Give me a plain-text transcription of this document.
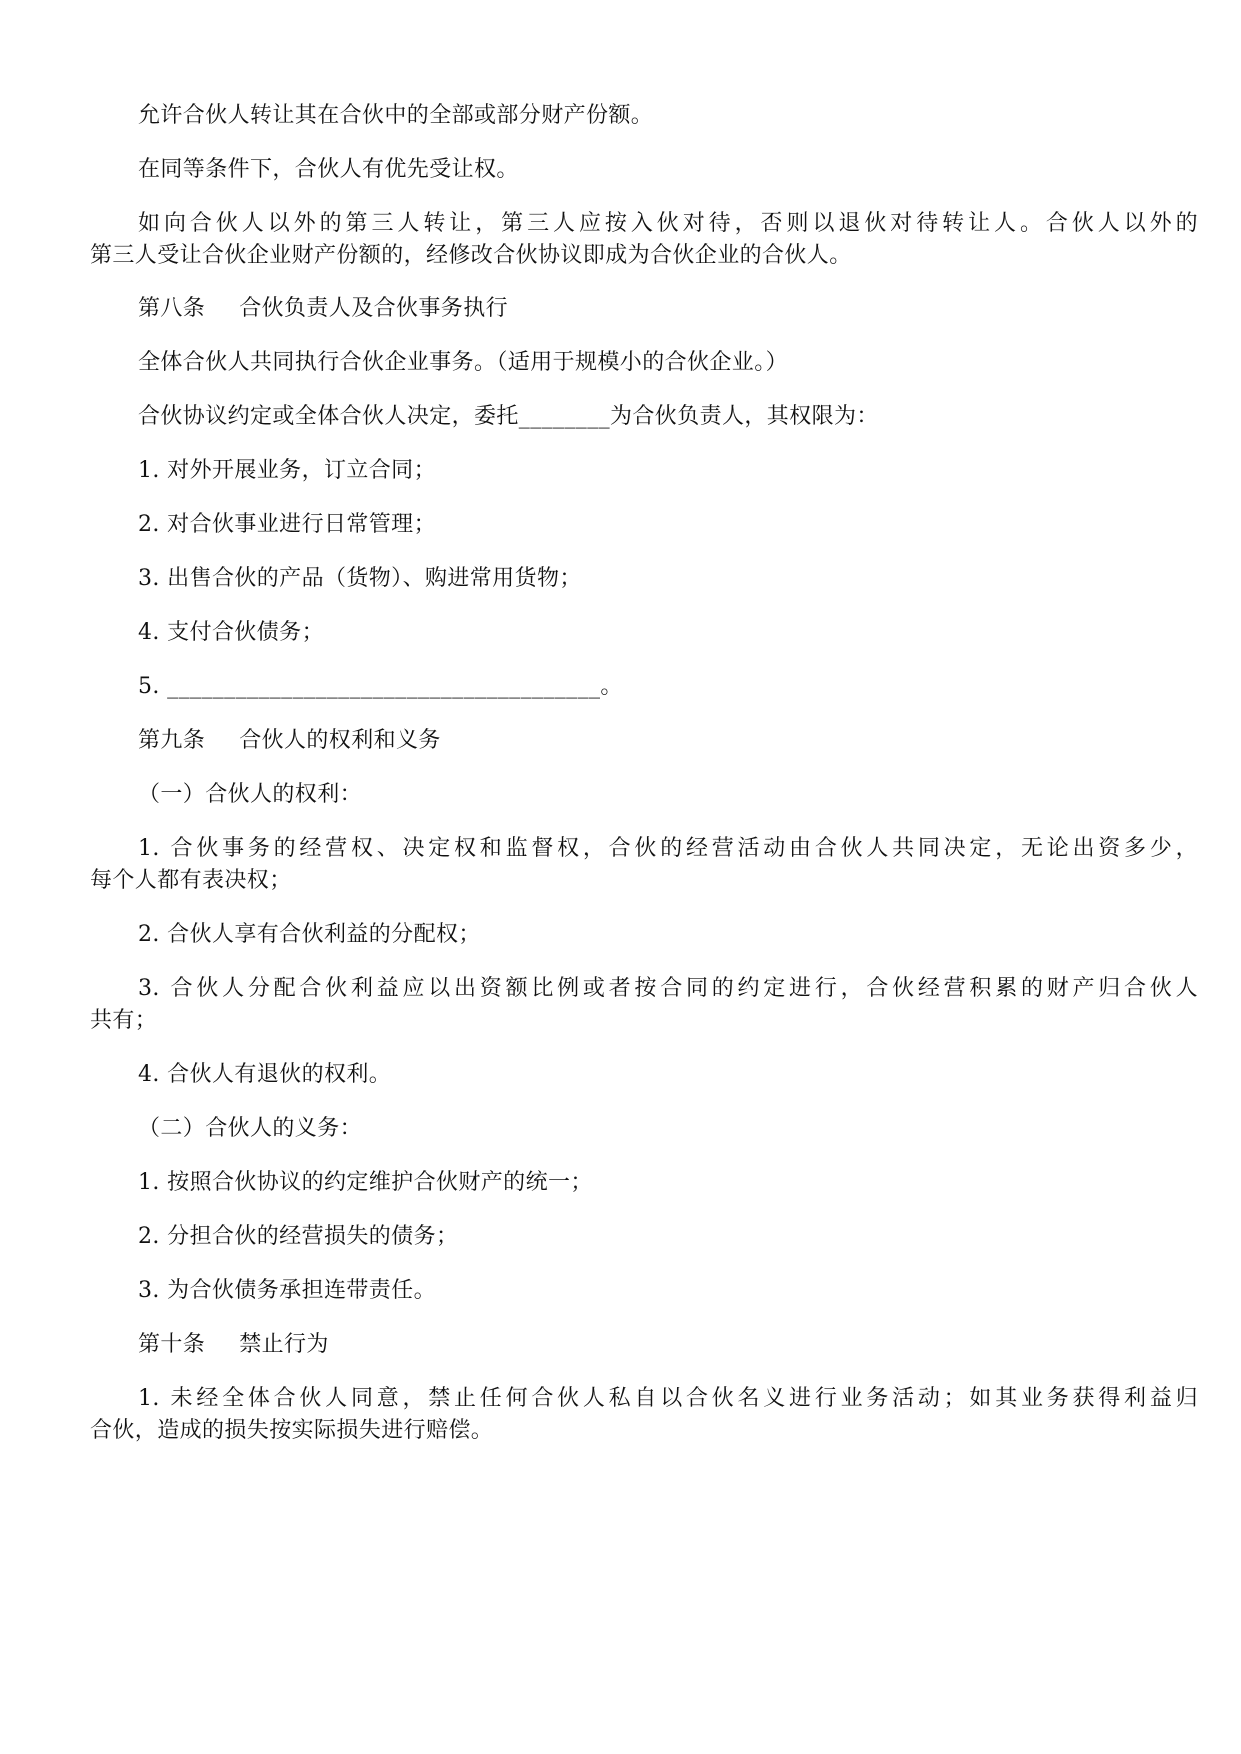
允许合伙人转让其在合伙中的全部或部分财产份额。
在同等条件下，合伙人有优先受让权。
如向合伙人以外的第三人转让，第三人应按入伙对待，否则以退伙对待转让人。合伙人以外的
第三人受让合伙企业财产份额的，经修改合伙协议即成为合伙企业的合伙人。
第八条 合伙负责人及合伙事务执行
全体合伙人共同执行合伙企业事务。（适用于规模小的合伙企业。）
合伙协议约定或全体合伙人决定，委托________为合伙负责人，其权限为：
1. 对外开展业务，订立合同；
2. 对合伙事业进行日常管理；
3. 出售合伙的产品（货物）、购进常用货物；
4. 支付合伙债务；
5. ______________________________________。
第九条 合伙人的权利和义务
（一）合伙人的权利：
1. 合伙事务的经营权、决定权和监督权，合伙的经营活动由合伙人共同决定，无论出资多少，
每个人都有表决权；
2. 合伙人享有合伙利益的分配权；
3. 合伙人分配合伙利益应以出资额比例或者按合同的约定进行，合伙经营积累的财产归合伙人
共有；
4. 合伙人有退伙的权利。
（二）合伙人的义务：
1. 按照合伙协议的约定维护合伙财产的统一；
2. 分担合伙的经营损失的债务；
3. 为合伙债务承担连带责任。
第十条 禁止行为
1. 未经全体合伙人同意，禁止任何合伙人私自以合伙名义进行业务活动；如其业务获得利益归
合伙，造成的损失按实际损失进行赔偿。
